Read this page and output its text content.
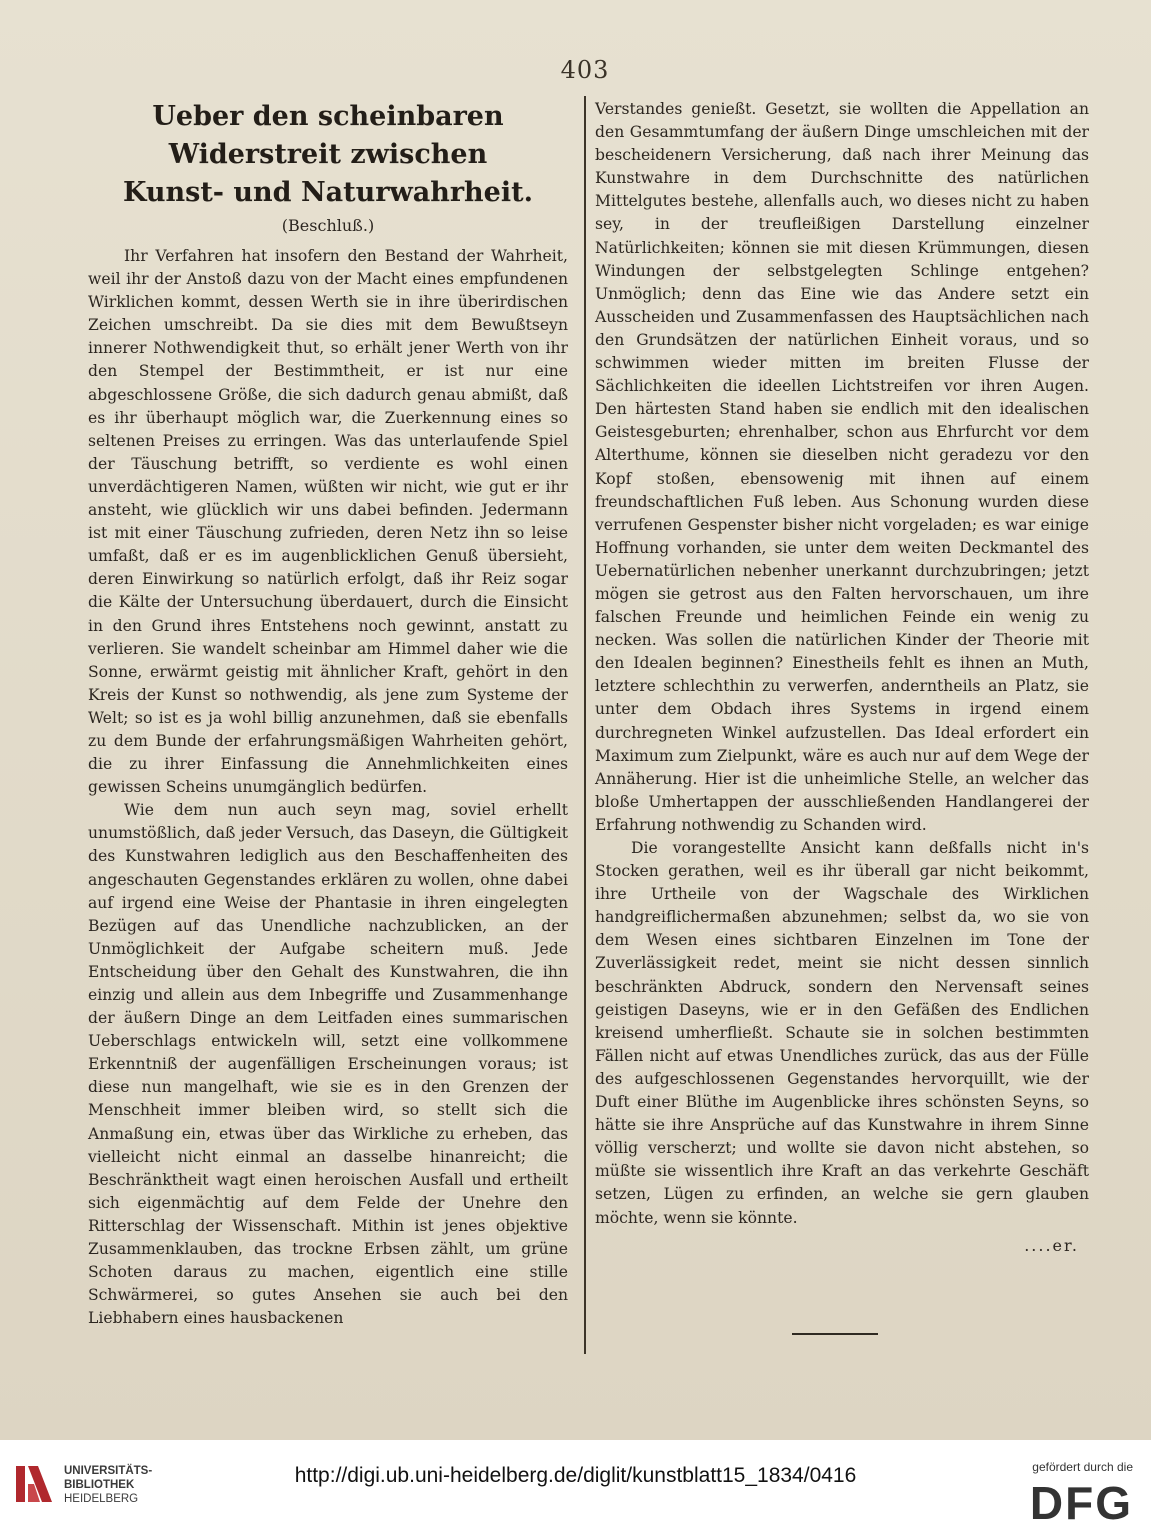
403
Ueber den scheinbaren Widerstreit zwischen
Kunst- und Naturwahrheit.
(Beschluß.)

Ihr Verfahren hat insofern den Bestand der Wahrheit, weil ihr der Anstoß dazu von der Macht eines empfundenen Wirklichen kommt, dessen Werth sie in ihre überirdischen Zeichen umschreibt. Da sie dies mit dem Bewußtseyn innerer Nothwendigkeit thut, so erhält jener Werth von ihr den Stempel der Bestimmtheit, er ist nur eine abgeschlossene Größe, die sich dadurch genau abmißt, daß es ihr überhaupt möglich war, die Zuerkennung eines so seltenen Preises zu erringen. Was das unterlaufende Spiel der Täuschung betrifft, so verdiente es wohl einen unverdächtigeren Namen, wüßten wir nicht, wie gut er ihr ansteht, wie glücklich wir uns dabei befinden. Jedermann ist mit einer Täuschung zufrieden, deren Netz ihn so leise umfaßt, daß er es im augenblicklichen Genuß übersieht, deren Einwirkung so natürlich erfolgt, daß ihr Reiz sogar die Kälte der Untersuchung überdauert, durch die Einsicht in den Grund ihres Entstehens noch gewinnt, anstatt zu verlieren. Sie wandelt scheinbar am Himmel daher wie die Sonne, erwärmt geistig mit ähnlicher Kraft, gehört in den Kreis der Kunst so nothwendig, als jene zum Systeme der Welt; so ist es ja wohl billig anzunehmen, daß sie ebenfalls zu dem Bunde der erfahrungsmäßigen Wahrheiten gehört, die zu ihrer Einfassung die Annehmlichkeiten eines gewissen Scheins unumgänglich bedürfen.

Wie dem nun auch seyn mag, soviel erhellt unumstößlich, daß jeder Versuch, das Daseyn, die Gültigkeit des Kunstwahren lediglich aus den Beschaffenheiten des angeschauten Gegenstandes erklären zu wollen, ohne dabei auf irgend eine Weise der Phantasie in ihren eingelegten Bezügen auf das Unendliche nachzublicken, an der Unmöglichkeit der Aufgabe scheitern muß. Jede Entscheidung über den Gehalt des Kunstwahren, die ihn einzig und allein aus dem Inbegriffe und Zusammenhange der äußern Dinge an dem Leitfaden eines summarischen Ueberschlags entwickeln will, setzt eine vollkommene Erkenntniß der augenfälligen Erscheinungen voraus; ist diese nun mangelhaft, wie sie es in den Grenzen der Menschheit immer bleiben wird, so stellt sich die Anmaßung ein, etwas über das Wirkliche zu erheben, das vielleicht nicht einmal an dasselbe hinanreicht; die Beschränktheit wagt einen heroischen Ausfall und ertheilt sich eigenmächtig auf dem Felde der Unehre den Ritterschlag der Wissenschaft. Mithin ist jenes objektive Zusammenklauben, das trockne Erbsen zählt, um grüne Schoten daraus zu machen, eigentlich eine stille Schwärmerei, so gutes Ansehen sie auch bei den Liebhabern eines hausbackenen

Verstandes genießt. Gesetzt, sie wollten die Appellation an den Gesammtumfang der äußern Dinge umschleichen mit der bescheidenern Versicherung, daß nach ihrer Meinung das Kunstwahre in dem Durchschnitte des natürlichen Mittelgutes bestehe, allenfalls auch, wo dieses nicht zu haben sey, in der treufleißigen Darstellung einzelner Natürlichkeiten; können sie mit diesen Krümmungen, diesen Windungen der selbstgelegten Schlinge entgehen? Unmöglich; denn das Eine wie das Andere setzt ein Ausscheiden und Zusammenfassen des Hauptsächlichen nach den Grundsätzen der natürlichen Einheit voraus, und so schwimmen wieder mitten im breiten Flusse der Sächlichkeiten die ideellen Lichtstreifen vor ihren Augen. Den härtesten Stand haben sie endlich mit den idealischen Geistesgeburten; ehrenhalber, schon aus Ehrfurcht vor dem Alterthume, können sie dieselben nicht geradezu vor den Kopf stoßen, ebensowenig mit ihnen auf einem freundschaftlichen Fuß leben. Aus Schonung wurden diese verrufenen Gespenster bisher nicht vorgeladen; es war einige Hoffnung vorhanden, sie unter dem weiten Deckmantel des Uebernatürlichen nebenher unerkannt durchzubringen; jetzt mögen sie getrost aus den Falten hervorschauen, um ihre falschen Freunde und heimlichen Feinde ein wenig zu necken. Was sollen die natürlichen Kinder der Theorie mit den Idealen beginnen? Einestheils fehlt es ihnen an Muth, letztere schlechthin zu verwerfen, anderntheils an Platz, sie unter dem Obdach ihres Systems in irgend einem durchregneten Winkel aufzustellen. Das Ideal erfordert ein Maximum zum Zielpunkt, wäre es auch nur auf dem Wege der Annäherung. Hier ist die unheimliche Stelle, an welcher das bloße Umhertappen der ausschließenden Handlangerei der Erfahrung nothwendig zu Schanden wird.

Die vorangestellte Ansicht kann deßfalls nicht in's Stocken gerathen, weil es ihr überall gar nicht beikommt, ihre Urtheile von der Wagschale des Wirklichen handgreiflichermaßen abzunehmen; selbst da, wo sie von dem Wesen eines sichtbaren Einzelnen im Tone der Zuverlässigkeit redet, meint sie nicht dessen sinnlich beschränkten Abdruck, sondern den Nervensaft seines geistigen Daseyns, wie er in den Gefäßen des Endlichen kreisend umherfließt. Schaute sie in solchen bestimmten Fällen nicht auf etwas Unendliches zurück, das aus der Fülle des aufgeschlossenen Gegenstandes hervorquillt, wie der Duft einer Blüthe im Augenblicke ihres schönsten Seyns, so hätte sie ihre Ansprüche auf das Kunstwahre in ihrem Sinne völlig verscherzt; und wollte sie davon nicht abstehen, so müßte sie wissentlich ihre Kraft an das verkehrte Geschäft setzen, Lügen zu erfinden, an welche sie gern glauben möchte, wenn sie könnte.

....er.
UNIVERSITÄTS-
BIBLIOTHEK
HEIDELBERG
http://digi.ub.uni-heidelberg.de/diglit/kunstblatt15_1834/0416	gefördert durch die
DFG
